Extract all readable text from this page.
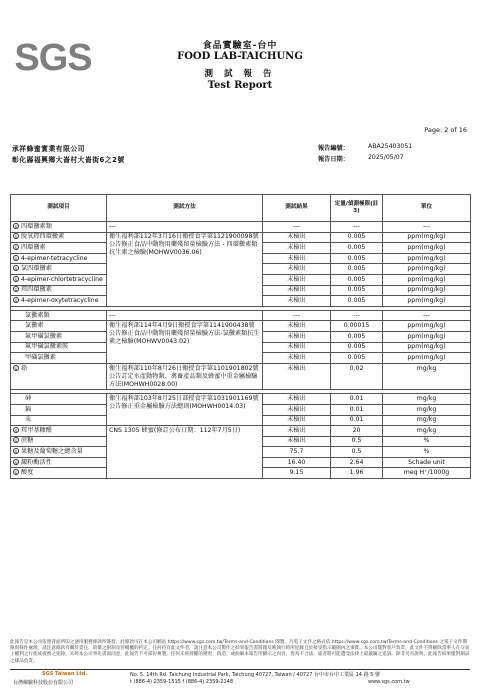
SGS	食品實驗室-台中
FOOD LAB-TAICHUNG
測 試 報 告
Test Report
Page: 2 of 16
承祥蜂蜜實業有限公司
彰化縣福興鄉大崙村大崙街6之2號
報告編號：	ABA25403051
報告日期：	2025/05/07
測試項目	測試方法	測試結果	定量/偵測極限(註3)	單位
S 四環黴素類	---	---	---	---
S 脫氧羥四環黴素	衛生福利部112年3月16日衛授食字第1121900098號公告修正食品中動物用藥殘留量檢驗方法 - 四環黴素類抗生素之檢驗(MOHWV0036.06)	未檢出	0.005	ppm(mg/kg)
S 四環黴素		未檢出	0.005	ppm(mg/kg)
S 4-epimer-tetracycline		未檢出	0.005	ppm(mg/kg)
S 氯四環黴素		未檢出	0.005	ppm(mg/kg)
S 4-epimer-chlortetracycline		未檢出	0.005	ppm(mg/kg)
S 羥四環黴素		未檢出	0.005	ppm(mg/kg)
S 4-epimer-oxytetracycline		未檢出	0.005	ppm(mg/kg)

氯黴素類	---	---	---	---
氯黴素	衛生福利部114年4月9日衛授食字第1141900438號公告修正食品中動物用藥殘留量檢驗方法-氯黴素類抗生素之檢驗(MOHWV0043.02)	未檢出	0.00015	ppm(mg/kg)
氟甲磺氯黴素		未檢出	0.005	ppm(mg/kg)
氟甲磺氯黴素胺		未檢出	0.005	ppm(mg/kg)
甲磺氯黴素		未檢出	0.005	ppm(mg/kg)
S 鉛	衛生福利部110年8月26日衛授食字第1101901802號公告訂定水產動物類、禽畜產品類及蜂蜜中重金屬檢驗方法(MOHWH0028.00)	未檢出	0.02	mg/kg

砷	衛生福利部103年8月25日部授食字第1031901169號公告修正重金屬檢驗方法總則(MOHWH0014.03)	未檢出	0.01	mg/kg
鎘		未檢出	0.01	mg/kg
汞		未檢出	0.01	mg/kg
S 羥甲基糠醛	CNS 1305 蜂蜜(修訂公布日期：112年7月5日)	未檢出	20	mg/kg
S 蔗糖		未檢出	0.5	%
S 果糖及葡萄糖之總含量		75.7	0.5	%
S 澱粉酶活性		16.40	2.64	Schade unit
S 酸度		9.15	1.96	meq H⁺/1000g
此報告是本公司依照背面所印之通用服務條款所簽發，此條款可在本公司網站 https://www.sgs.com.tw/Terms-and-Conditions 閱覽，凡電子文件之格式依 https://www.sgs.com.tw/Terms-and-Conditions 之電子文件期限與條件處理。請注意條款有關於責任、賠償之限制及管轄權的約定。任何持有此文件者，請注意本公司製作之結果報告書將僅反映執行時所紀錄且於接受指示範圍內之事實。本公司僅對客戶負責，此文件不得解除當事人在交易上權利之行使或義務之免除。未經本公司事先書面同意，此報告不可部份複製。任何未經授權的變更、偽造、或曲解本報告所顯示之內容，皆為不合法，違者將可能遭受法律上最嚴厲之追訴。除非另有說明，此報告結果僅對測試之樣品負責。
SGS Taiwan Ltd.
台灣檢驗科技股份有限公司
No. 5, 14th Rd. Taichung Industrial Park, Taichung 40727, Taiwan / 40727 台中市台中工業區 14 路 5 號
t (886-4) 2359-1515 f (886-4) 2359-2148	www.sgs.com.tw
